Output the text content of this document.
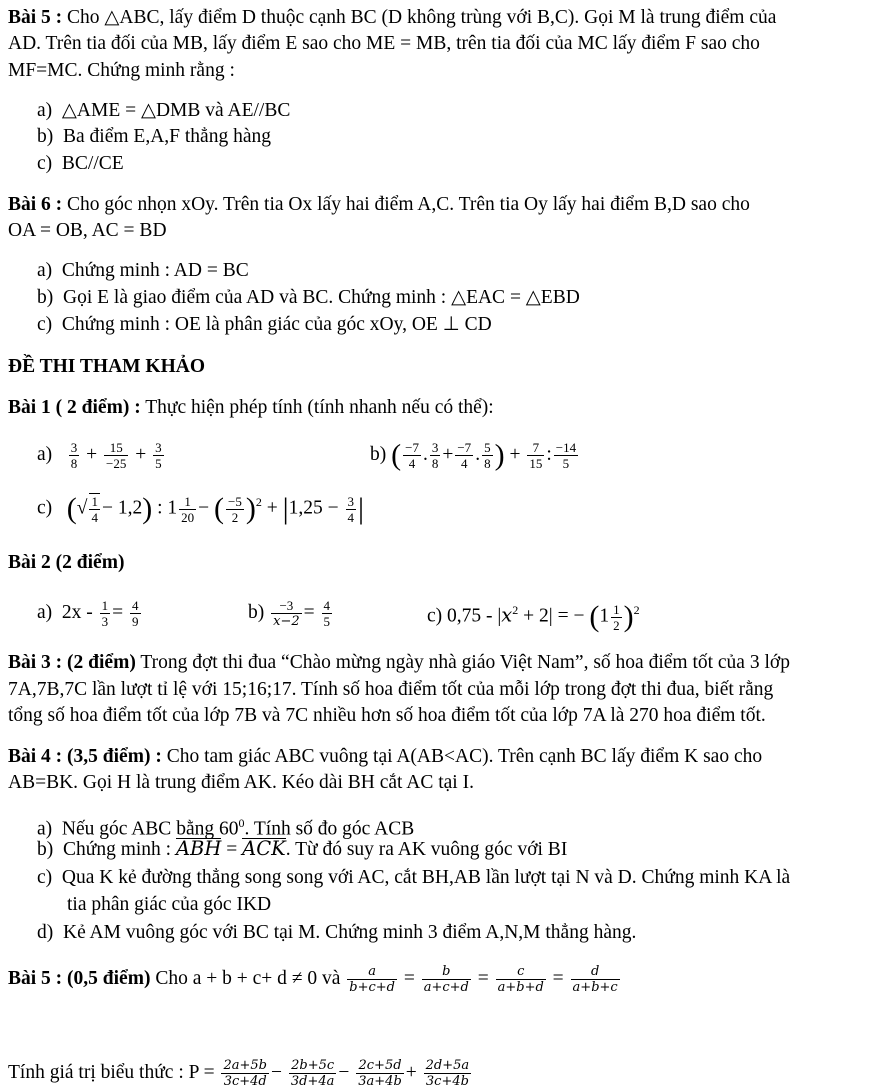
Bài 5 : Cho △ABC, lấy điểm D thuộc cạnh BC (D không trùng với B,C). Gọi M là trung điểm của
AD. Trên tia đối của MB, lấy điểm E sao cho ME = MB, trên tia đối của MC lấy điểm F sao cho
MF=MC. Chứng minh rằng :
a) △AME = △DMB và AE//BC
b) Ba điểm E,A,F thẳng hàng
c) BC//CE
Bài 6 : Cho góc nhọn xOy. Trên tia Ox lấy hai điểm A,C. Trên tia Oy lấy hai điểm B,D sao cho
OA = OB, AC = BD
a) Chứng minh : AD = BC
b) Gọi E là giao điểm của AD và BC. Chứng minh : △EAC = △EBD
c) Chứng minh : OE là phân giác của góc xOy, OE ⊥ CD
ĐỀ THI THAM KHẢO
Bài 1 ( 2 điểm) : Thực hiện phép tính (tính nhanh nếu có thể):
$a) \frac{3}{8} + \frac{15}{-25} + \frac{3}{5}$	b) ( $\frac{-7}{4}$ . $\frac{3}{8} + \frac{-7}{4}$ . $\frac{5}{8}$ ) + $\frac{7}{15}$ : $\frac{-14}{5}$
c)   (√ $\frac{1}{4} - 1,2$) : $1 \frac{1}{20}$ − ( $\frac{-5}{2} )^2 + |1,25 - \frac{3}{4}$ |
Bài 2 (2 điểm)
a)  $2x - \frac{1}{3} = \frac{4}{9}$	$b) \frac{-3}{x-2} = \frac{4}{5}$	c) $0,75 - |x^2 + 2|$ = − $(1 \frac{1}{2} )^2$
Bài 3 : (2 điểm) Trong đợt thi đua “Chào mừng ngày nhà giáo Việt Nam”, số hoa điểm tốt của 3 lớp
7A,7B,7C lần lượt tỉ lệ với 15;16;17. Tính số hoa điểm tốt của mỗi lớp trong đợt thi đua, biết rằng
tổng số hoa điểm tốt của lớp 7B và 7C nhiều hơn số hoa điểm tốt của lớp 7A là 270 hoa điểm tốt.
Bài 4 : (3,5 điểm) : Cho tam giác ABC vuông tại A(AB<AC). Trên cạnh BC lấy điểm K sao cho
AB=BK. Gọi H là trung điểm AK. Kéo dài BH cắt AC tại I.
a)  Nếu góc ABC bằng $60^0$. Tính số đo góc ACB
b)  Chứng minh : ABH = ACK. Từ đó suy ra AK vuông góc với BI
c)  Qua K kẻ đường thẳng song song với AC, cắt BH,AB lần lượt tại N và D. Chứng minh KA là
tia phân giác của góc IKD
d)  Kẻ AM vuông góc với BC tại M. Chứng minh 3 điểm A,N,M thẳng hàng.
Bài 5 : (0,5 điểm) Cho a + b + c+ d ≠ 0 và $\frac{a}{b+c+d} = \frac{b}{a+c+d} = \frac{c}{a+b+d} = \frac{d}{a+b+c}$
Tính giá trị biểu thức : $P = \frac{2a+5b}{3c+4d} - \frac{2b+5c}{3d+4a} - \frac{2c+5d}{3a+4b} + \frac{2d+5a}{3c+4b}$
